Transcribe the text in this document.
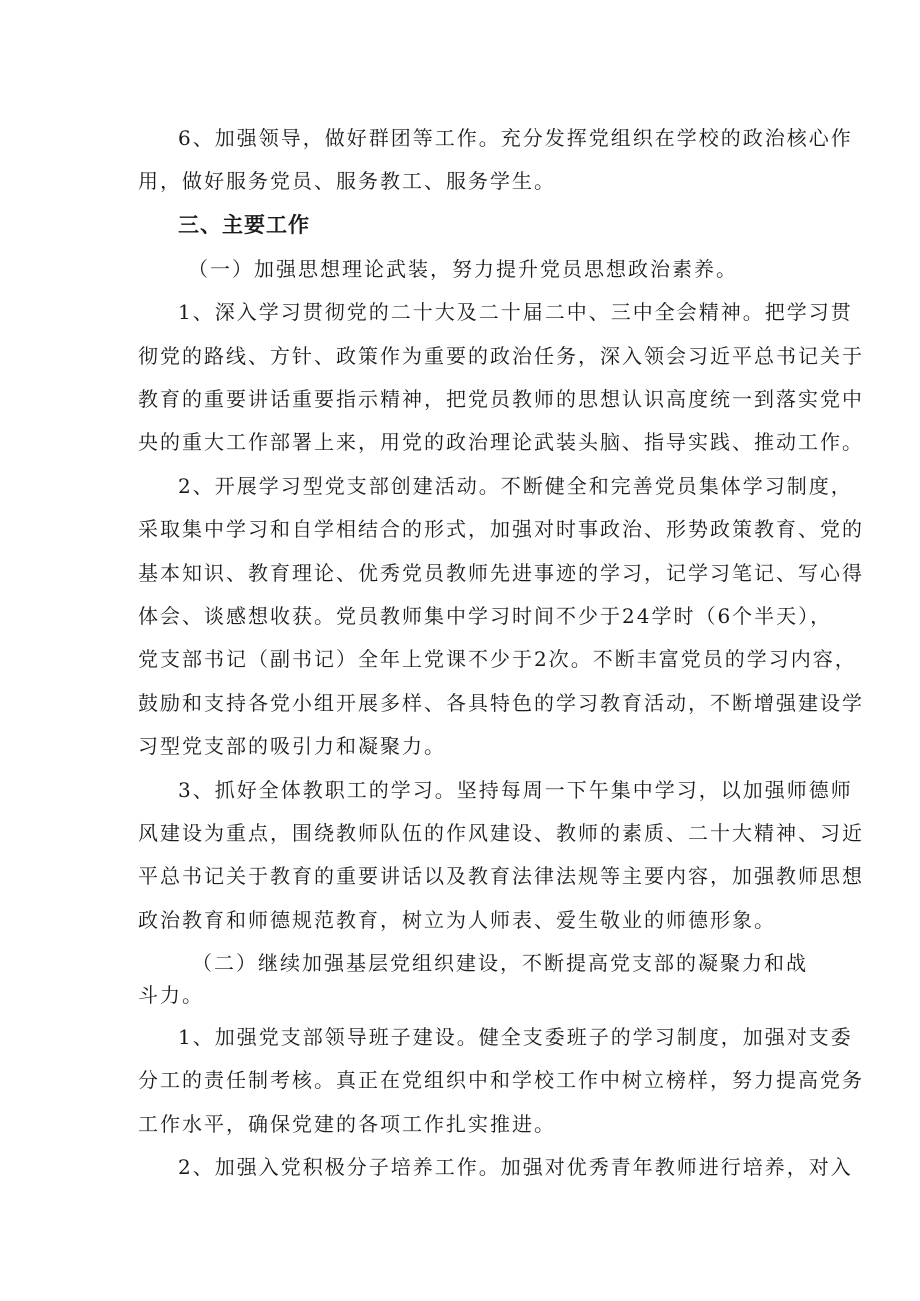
6、加强领导，做好群团等工作。充分发挥党组织在学校的政治核心作

用，做好服务党员、服务教工、服务学生。

三、主要工作

（一）加强思想理论武装，努力提升党员思想政治素养。

1、深入学习贯彻党的二十大及二十届二中、三中全会精神。把学习贯

彻党的路线、方针、政策作为重要的政治任务，深入领会习近平总书记关于

教育的重要讲话重要指示精神，把党员教师的思想认识高度统一到落实党中

央的重大工作部署上来，用党的政治理论武装头脑、指导实践、推动工作。

2、开展学习型党支部创建活动。不断健全和完善党员集体学习制度，

采取集中学习和自学相结合的形式，加强对时事政治、形势政策教育、党的

基本知识、教育理论、优秀党员教师先进事迹的学习，记学习笔记、写心得

体会、谈感想收获。党员教师集中学习时间不少于24学时（6个半天），

党支部书记（副书记）全年上党课不少于2次。不断丰富党员的学习内容，

鼓励和支持各党小组开展多样、各具特色的学习教育活动，不断增强建设学

习型党支部的吸引力和凝聚力。

3、抓好全体教职工的学习。坚持每周一下午集中学习，以加强师德师

风建设为重点，围绕教师队伍的作风建设、教师的素质、二十大精神、习近

平总书记关于教育的重要讲话以及教育法律法规等主要内容，加强教师思想

政治教育和师德规范教育，树立为人师表、爱生敬业的师德形象。

（二）继续加强基层党组织建设，不断提高党支部的凝聚力和战

斗力。

1、加强党支部领导班子建设。健全支委班子的学习制度，加强对支委

分工的责任制考核。真正在党组织中和学校工作中树立榜样，努力提高党务

工作水平，确保党建的各项工作扎实推进。

2、加强入党积极分子培养工作。加强对优秀青年教师进行培养，对入
